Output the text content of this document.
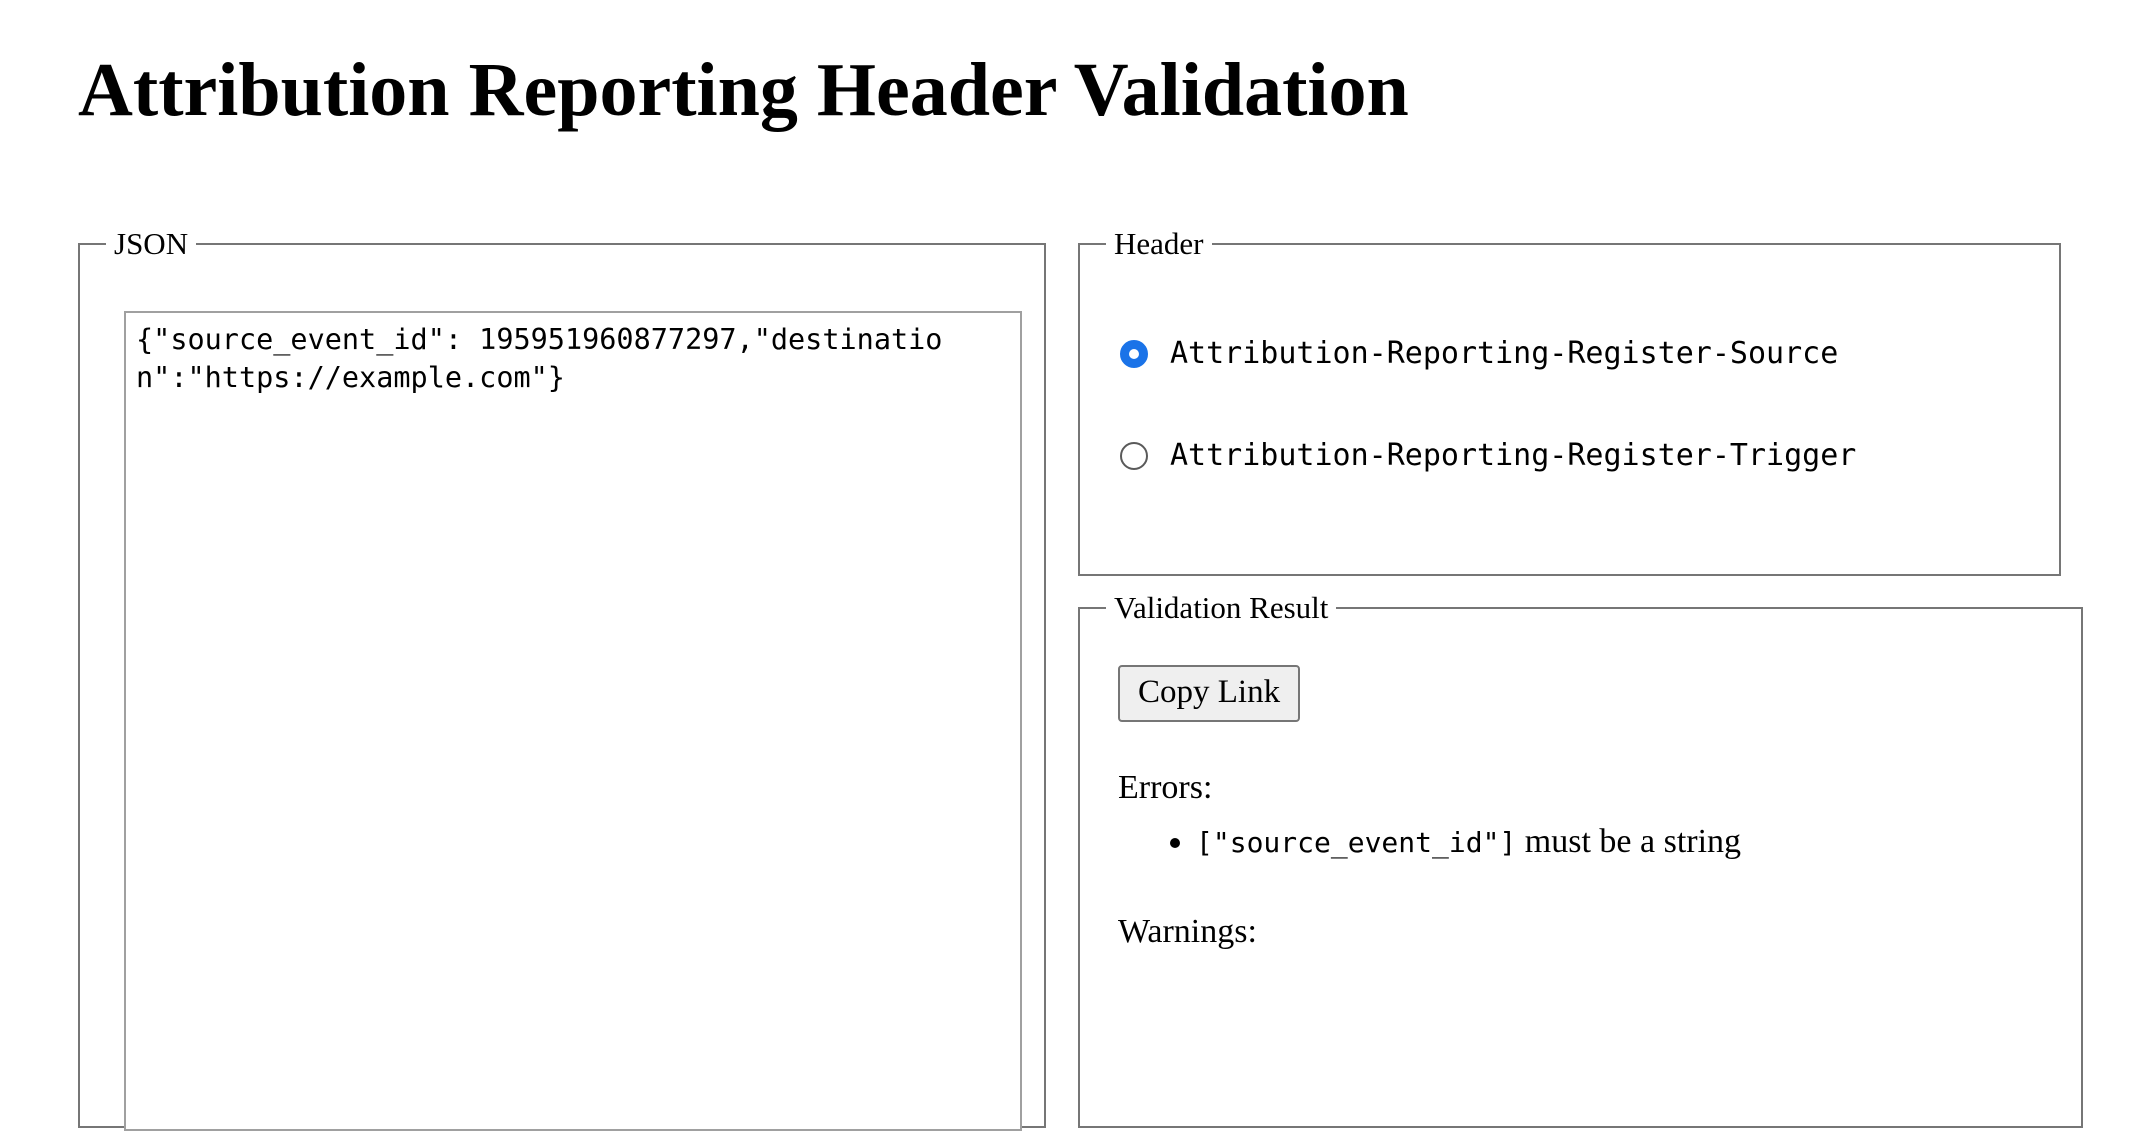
Attribution Reporting Header Validation
JSON
{"source_event_id": 195951960877297,"destination":"https://example.com"}	Header
Attribution-Reporting-Register-Source
Attribution-Reporting-Register-Trigger
Validation Result
Copy Link
Errors:
• ["source_event_id"] must be a string
Warnings:
